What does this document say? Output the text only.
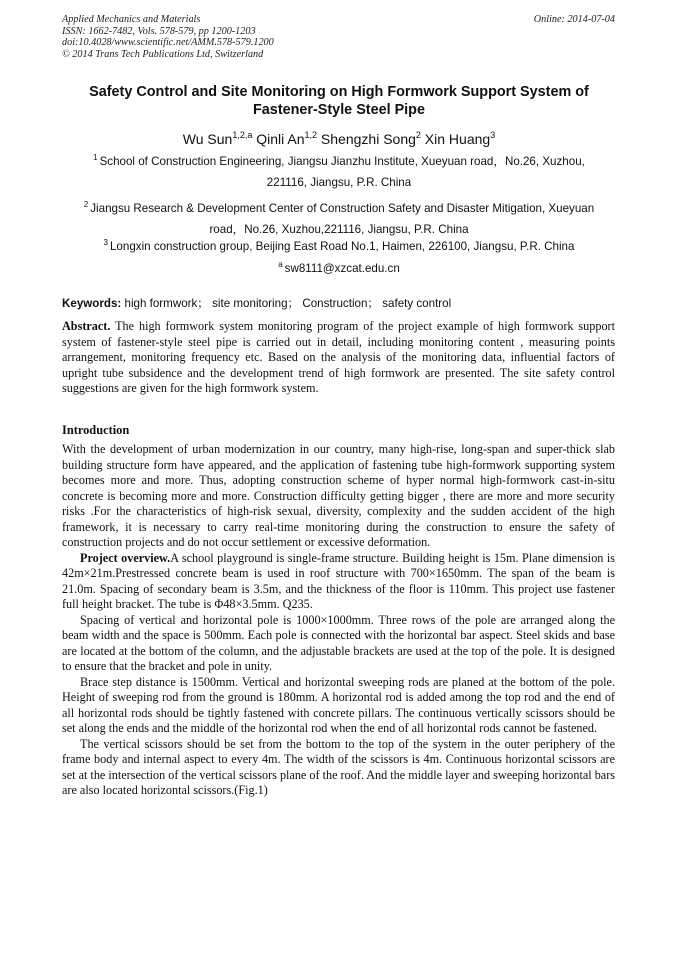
Applied Mechanics and Materials
ISSN: 1662-7482, Vols. 578-579, pp 1200-1203
doi:10.4028/www.scientific.net/AMM.578-579.1200
© 2014 Trans Tech Publications Ltd, Switzerland
Online: 2014-07-04
Safety Control and Site Monitoring on High Formwork Support System of Fastener-Style Steel Pipe
Wu Sun$^{1,2,a}$ Qinli An$^{1,2}$ Shengzhi Song$^2$ Xin Huang$^3$
$^1$ School of Construction Engineering, Jiangsu Jianzhu Institute, Xueyuan road，No.26, Xuzhou,
221116, Jiangsu, P.R. China
$^2$ Jiangsu Research & Development Center of Construction Safety and Disaster Mitigation, Xueyuan
road，No.26, Xuzhou,221116, Jiangsu, P.R. China
$^3$ Longxin construction group, Beijing East Road No.1, Haimen, 226100, Jiangsu, P.R. China
$^a$ sw8111@xzcat.edu.cn
Keywords: high formwork； site monitoring； Construction； safety control

Abstract. The high formwork system monitoring program of the project example of high formwork support system of fastener-style steel pipe is carried out in detail, including monitoring content , measuring points arrangement, monitoring frequency etc. Based on the analysis of the monitoring data, influential factors of upright tube subsidence and the development trend of high formwork are presented. The site safety control suggestions are given for the high formwork system.

Introduction

With the development of urban modernization in our country, many high-rise, long-span and super-thick slab building structure form have appeared, and the application of fastening tube high-formwork supporting system becomes more and more. Thus, adopting construction scheme of hyper normal high-formwork cast-in-situ concrete is becoming more and more. Construction difficulty getting bigger , there are more and more security risks .For the characteristics of high-risk sexual, diversity, complexity and the sudden accident of the high framework, it is necessary to carry real-time monitoring during the construction to ensure the safety of construction projects and do not occur settlement or excessive deformation.

Project overview.A school playground is single-frame structure. Building height is 15m. Plane dimension is 42m×21m.Prestressed concrete beam is used in roof structure with 700×1650mm. The span of the beam is 21.0m. Spacing of secondary beam is 3.5m, and the thickness of the floor is 110mm. This project use fastener full height bracket. The tube is Φ48×3.5mm. Q235.

Spacing of vertical and horizontal pole is 1000×1000mm. Three rows of the pole are arranged along the beam width and the space is 500mm. Each pole is connected with the horizontal bar aspect. Steel skids and base are located at the bottom of the column, and the adjustable brackets are used at the top of the pole. It is designed to ensure that the bracket and pole in unity.

Brace step distance is 1500mm. Vertical and horizontal sweeping rods are planed at the bottom of the pole. Height of sweeping rod from the ground is 180mm. A horizontal rod is added among the top rod and the end of all horizontal rods should be tightly fastened with concrete pillars. The continuous vertically scissors should be set along the ends and the middle of the horizontal rod when the end of all horizontal rods cannot be fastened.

The vertical scissors should be set from the bottom to the top of the system in the outer periphery of the frame body and internal aspect to every 4m. The width of the scissors is 4m. Continuous horizontal scissors are set at the intersection of the vertical scissors plane of the roof. And the middle layer and sweeping horizontal bars are also located horizontal scissors.(Fig.1)
